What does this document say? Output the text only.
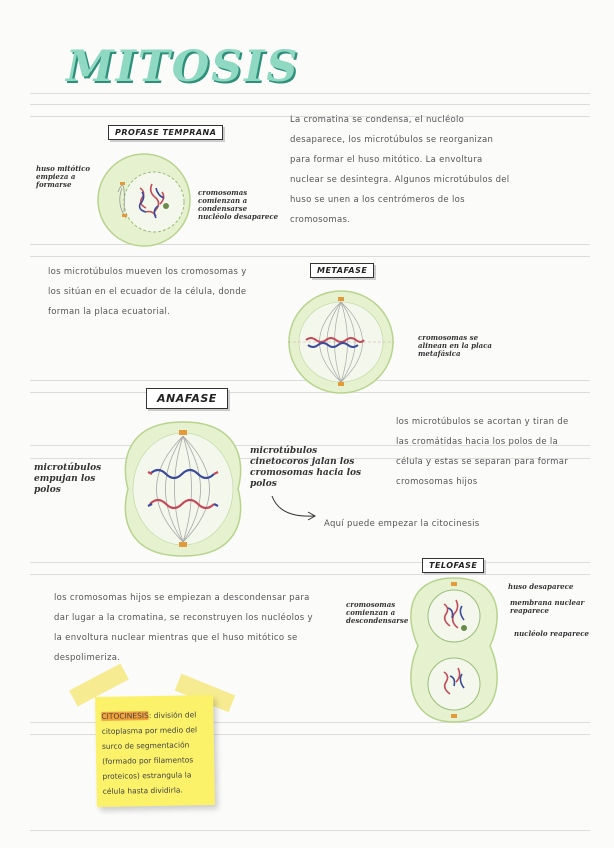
MITOSIS
PROFASE TEMPRANA
La cromatina se condensa, el nucléolo desaparece, los microtúbulos se reorganizan para formar el huso mitótico. La envoltura nuclear se desintegra. Algunos microtúbulos del huso se unen a los centrómeros de los cromosomas.
huso mitótico empieza a formarse
cromosomas comienzan a condensarse
nucléolo desaparece
METAFASE
los microtúbulos mueven los cromosomas y los sitúan en el ecuador de la célula, donde forman la placa ecuatorial.
cromosomas se alinean en la placa metafásica
ANAFASE
los microtúbulos se acortan y tiran de las cromátidas hacia los polos de la célula y estas se separan para formar cromosomas hijos
microtúbulos cinetocoros jalan los cromosomas hacia los polos
microtúbulos empujan los polos
Aquí puede empezar la citocinesis
TELOFASE
los cromosomas hijos se empiezan a descondensar para dar lugar a la cromatina, se reconstruyen los nucléolos y la envoltura nuclear mientras que el huso mitótico se despolimeriza.
huso desaparece
membrana nuclear reaparece
nucléolo reaparece
cromosomas comienzan a descondensarse
CITOCINESIS: división del citoplasma por medio del surco de segmentación (formado por filamentos proteicos) estrangula la célula hasta dividirla.
